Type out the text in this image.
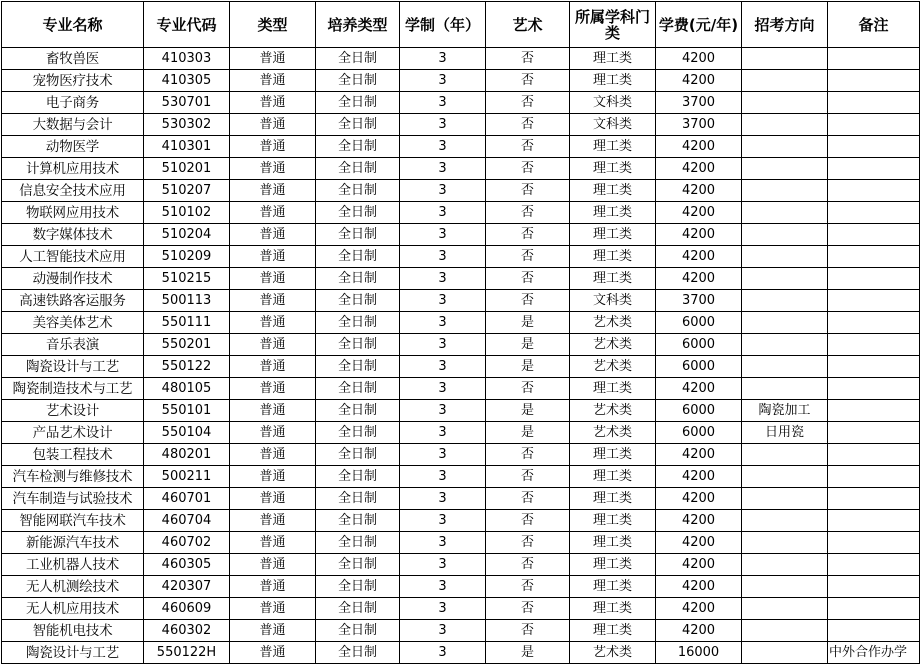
专业名称	专业代码	类型	培养类型	学制（年）	艺术	所属学科门类	学费(元/年)	招考方向	备注
畜牧兽医	410303	普通	全日制	3	否	理工类	4200		
宠物医疗技术	410305	普通	全日制	3	否	理工类	4200		
电子商务	530701	普通	全日制	3	否	文科类	3700		
大数据与会计	530302	普通	全日制	3	否	文科类	3700		
动物医学	410301	普通	全日制	3	否	理工类	4200		
计算机应用技术	510201	普通	全日制	3	否	理工类	4200		
信息安全技术应用	510207	普通	全日制	3	否	理工类	4200		
物联网应用技术	510102	普通	全日制	3	否	理工类	4200		
数字媒体技术	510204	普通	全日制	3	否	理工类	4200		
人工智能技术应用	510209	普通	全日制	3	否	理工类	4200		
动漫制作技术	510215	普通	全日制	3	否	理工类	4200		
高速铁路客运服务	500113	普通	全日制	3	否	文科类	3700		
美容美体艺术	550111	普通	全日制	3	是	艺术类	6000		
音乐表演	550201	普通	全日制	3	是	艺术类	6000		
陶瓷设计与工艺	550122	普通	全日制	3	是	艺术类	6000		
陶瓷制造技术与工艺	480105	普通	全日制	3	否	理工类	4200		
艺术设计	550101	普通	全日制	3	是	艺术类	6000	陶瓷加工	
产品艺术设计	550104	普通	全日制	3	是	艺术类	6000	日用瓷	
包装工程技术	480201	普通	全日制	3	否	理工类	4200		
汽车检测与维修技术	500211	普通	全日制	3	否	理工类	4200		
汽车制造与试验技术	460701	普通	全日制	3	否	理工类	4200		
智能网联汽车技术	460704	普通	全日制	3	否	理工类	4200		
新能源汽车技术	460702	普通	全日制	3	否	理工类	4200		
工业机器人技术	460305	普通	全日制	3	否	理工类	4200		
无人机测绘技术	420307	普通	全日制	3	否	理工类	4200		
无人机应用技术	460609	普通	全日制	3	否	理工类	4200		
智能机电技术	460302	普通	全日制	3	否	理工类	4200		
陶瓷设计与工艺	550122H	普通	全日制	3	是	艺术类	16000		中外合作办学
